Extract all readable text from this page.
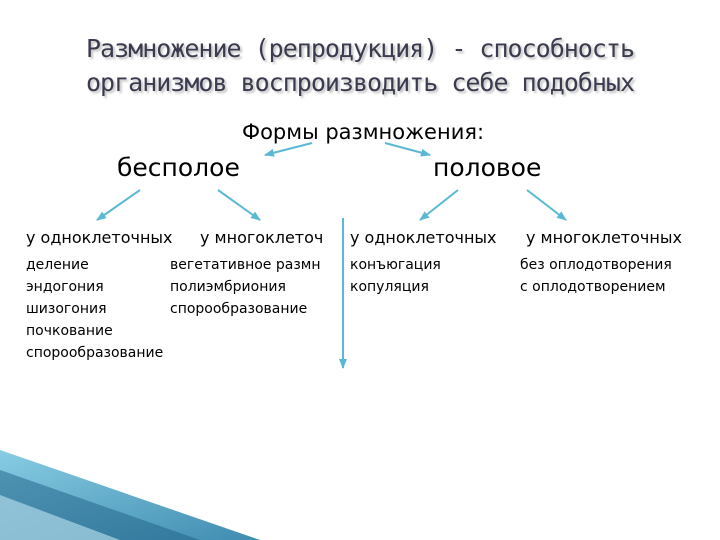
Размножение (репродукция) - способность
организмов воспроизводить себе подобных
Формы размножения:
бесполое	половое
у одноклеточных у многоклеточ у одноклеточных у многоклеточных
деление
эндогония
шизогония
почкование
спорообразование
вегетативное размн
полиэмбриония
спорообразование
конъюгация
копуляция
без оплодотворения
с оплодотворением
